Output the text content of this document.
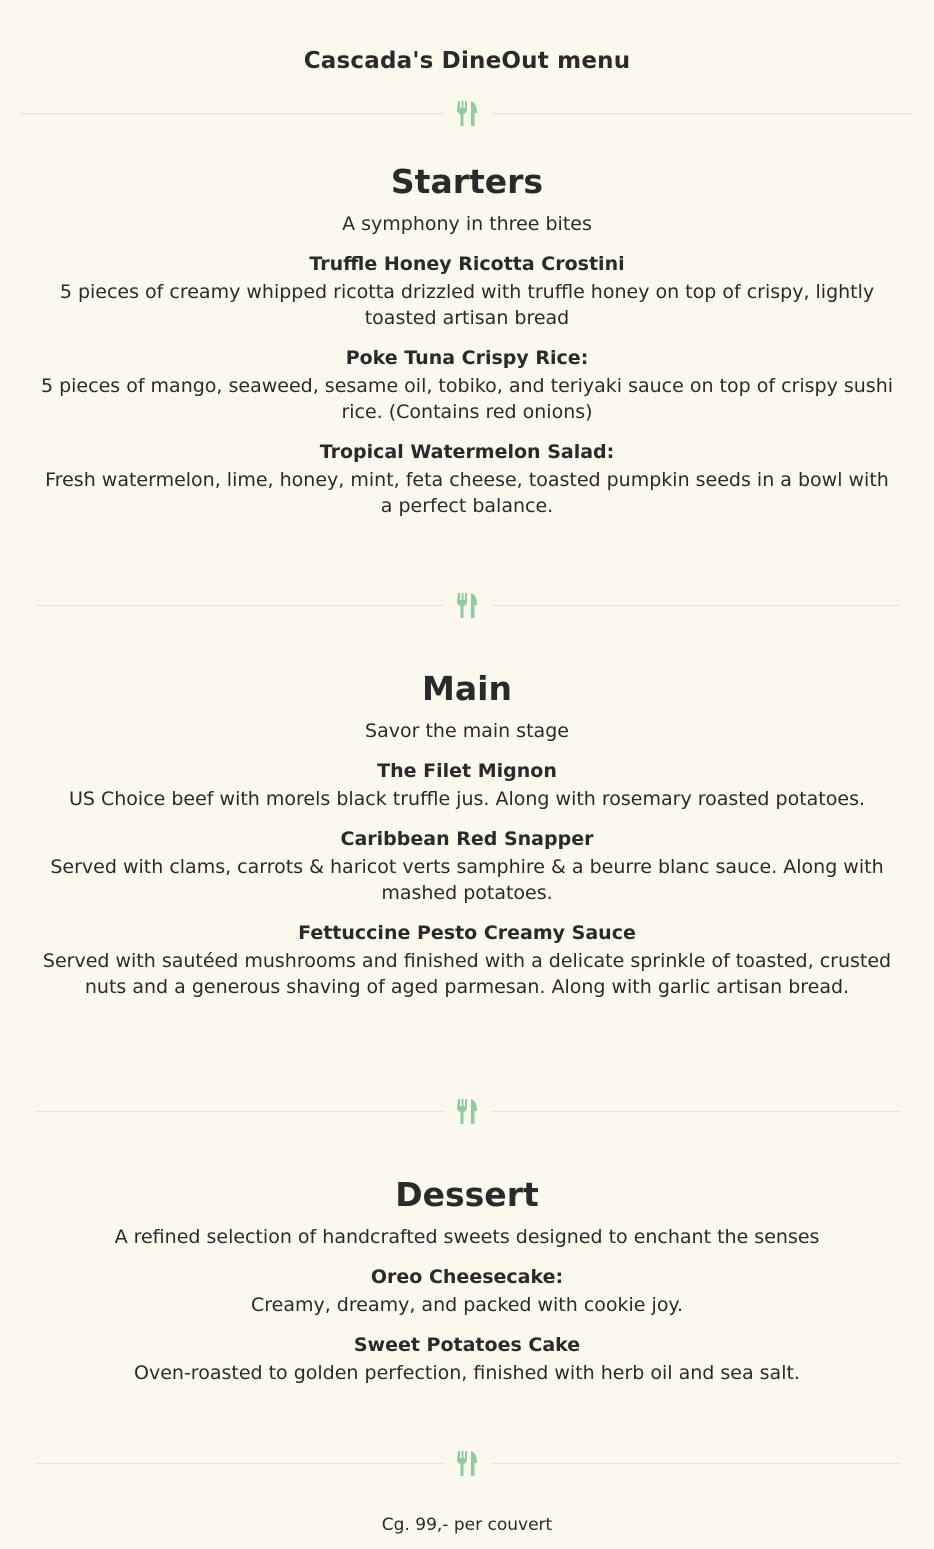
Cascada's DineOut menu
Starters
A symphony in three bites
Truffle Honey Ricotta Crostini
5 pieces of creamy whipped ricotta drizzled with truffle honey on top of crispy, lightly toasted artisan bread
Poke Tuna Crispy Rice:
5 pieces of mango, seaweed, sesame oil, tobiko, and teriyaki sauce on top of crispy sushi rice. (Contains red onions)
Tropical Watermelon Salad:
Fresh watermelon, lime, honey, mint, feta cheese, toasted pumpkin seeds in a bowl with a perfect balance.
Main
Savor the main stage
The Filet Mignon
US Choice beef with morels black truffle jus. Along with rosemary roasted potatoes.
Caribbean Red Snapper
Served with clams, carrots & haricot verts samphire & a beurre blanc sauce. Along with mashed potatoes.
Fettuccine Pesto Creamy Sauce
Served with sautéed mushrooms and finished with a delicate sprinkle of toasted, crusted nuts and a generous shaving of aged parmesan. Along with garlic artisan bread.
Dessert
A refined selection of handcrafted sweets designed to enchant the senses
Oreo Cheesecake:
Creamy, dreamy, and packed with cookie joy.
Sweet Potatoes Cake
Oven-roasted to golden perfection, finished with herb oil and sea salt.
Cg. 99,- per couvert
